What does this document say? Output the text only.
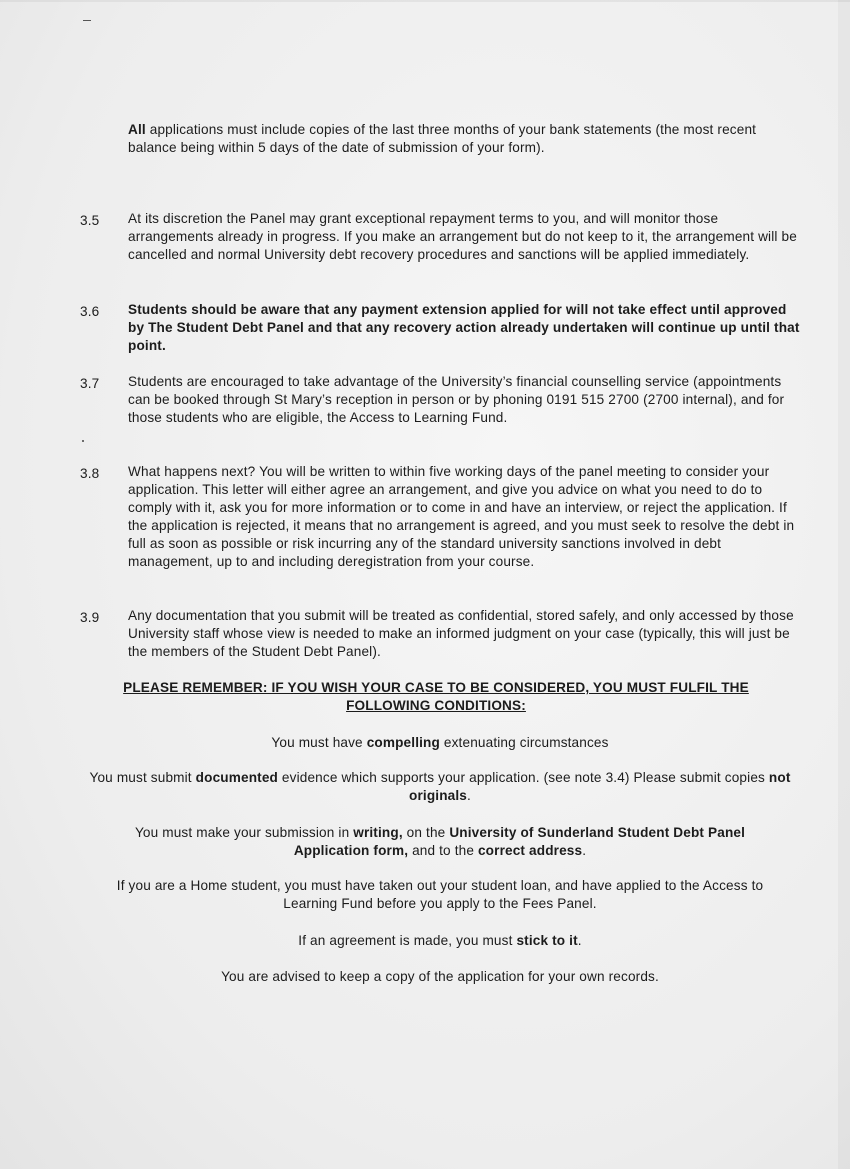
All applications must include copies of the last three months of your bank statements (the most recent balance being within 5 days of the date of submission of your form).
3.5 At its discretion the Panel may grant exceptional repayment terms to you, and will monitor those arrangements already in progress. If you make an arrangement but do not keep to it, the arrangement will be cancelled and normal University debt recovery procedures and sanctions will be applied immediately.
3.6 Students should be aware that any payment extension applied for will not take effect until approved by The Student Debt Panel and that any recovery action already undertaken will continue up until that point.
3.7 Students are encouraged to take advantage of the University’s financial counselling service (appointments can be booked through St Mary’s reception in person or by phoning 0191 515 2700 (2700 internal), and for those students who are eligible, the Access to Learning Fund.
3.8 What happens next? You will be written to within five working days of the panel meeting to consider your application. This letter will either agree an arrangement, and give you advice on what you need to do to comply with it, ask you for more information or to come in and have an interview, or reject the application. If the application is rejected, it means that no arrangement is agreed, and you must seek to resolve the debt in full as soon as possible or risk incurring any of the standard university sanctions involved in debt management, up to and including deregistration from your course.
3.9 Any documentation that you submit will be treated as confidential, stored safely, and only accessed by those University staff whose view is needed to make an informed judgment on your case (typically, this will just be the members of the Student Debt Panel).
PLEASE REMEMBER: IF YOU WISH YOUR CASE TO BE CONSIDERED, YOU MUST FULFIL THE FOLLOWING CONDITIONS:
You must have compelling extenuating circumstances
You must submit documented evidence which supports your application. (see note 3.4) Please submit copies not originals.
You must make your submission in writing, on the University of Sunderland Student Debt Panel Application form, and to the correct address.
If you are a Home student, you must have taken out your student loan, and have applied to the Access to Learning Fund before you apply to the Fees Panel.
If an agreement is made, you must stick to it.
You are advised to keep a copy of the application for your own records.
